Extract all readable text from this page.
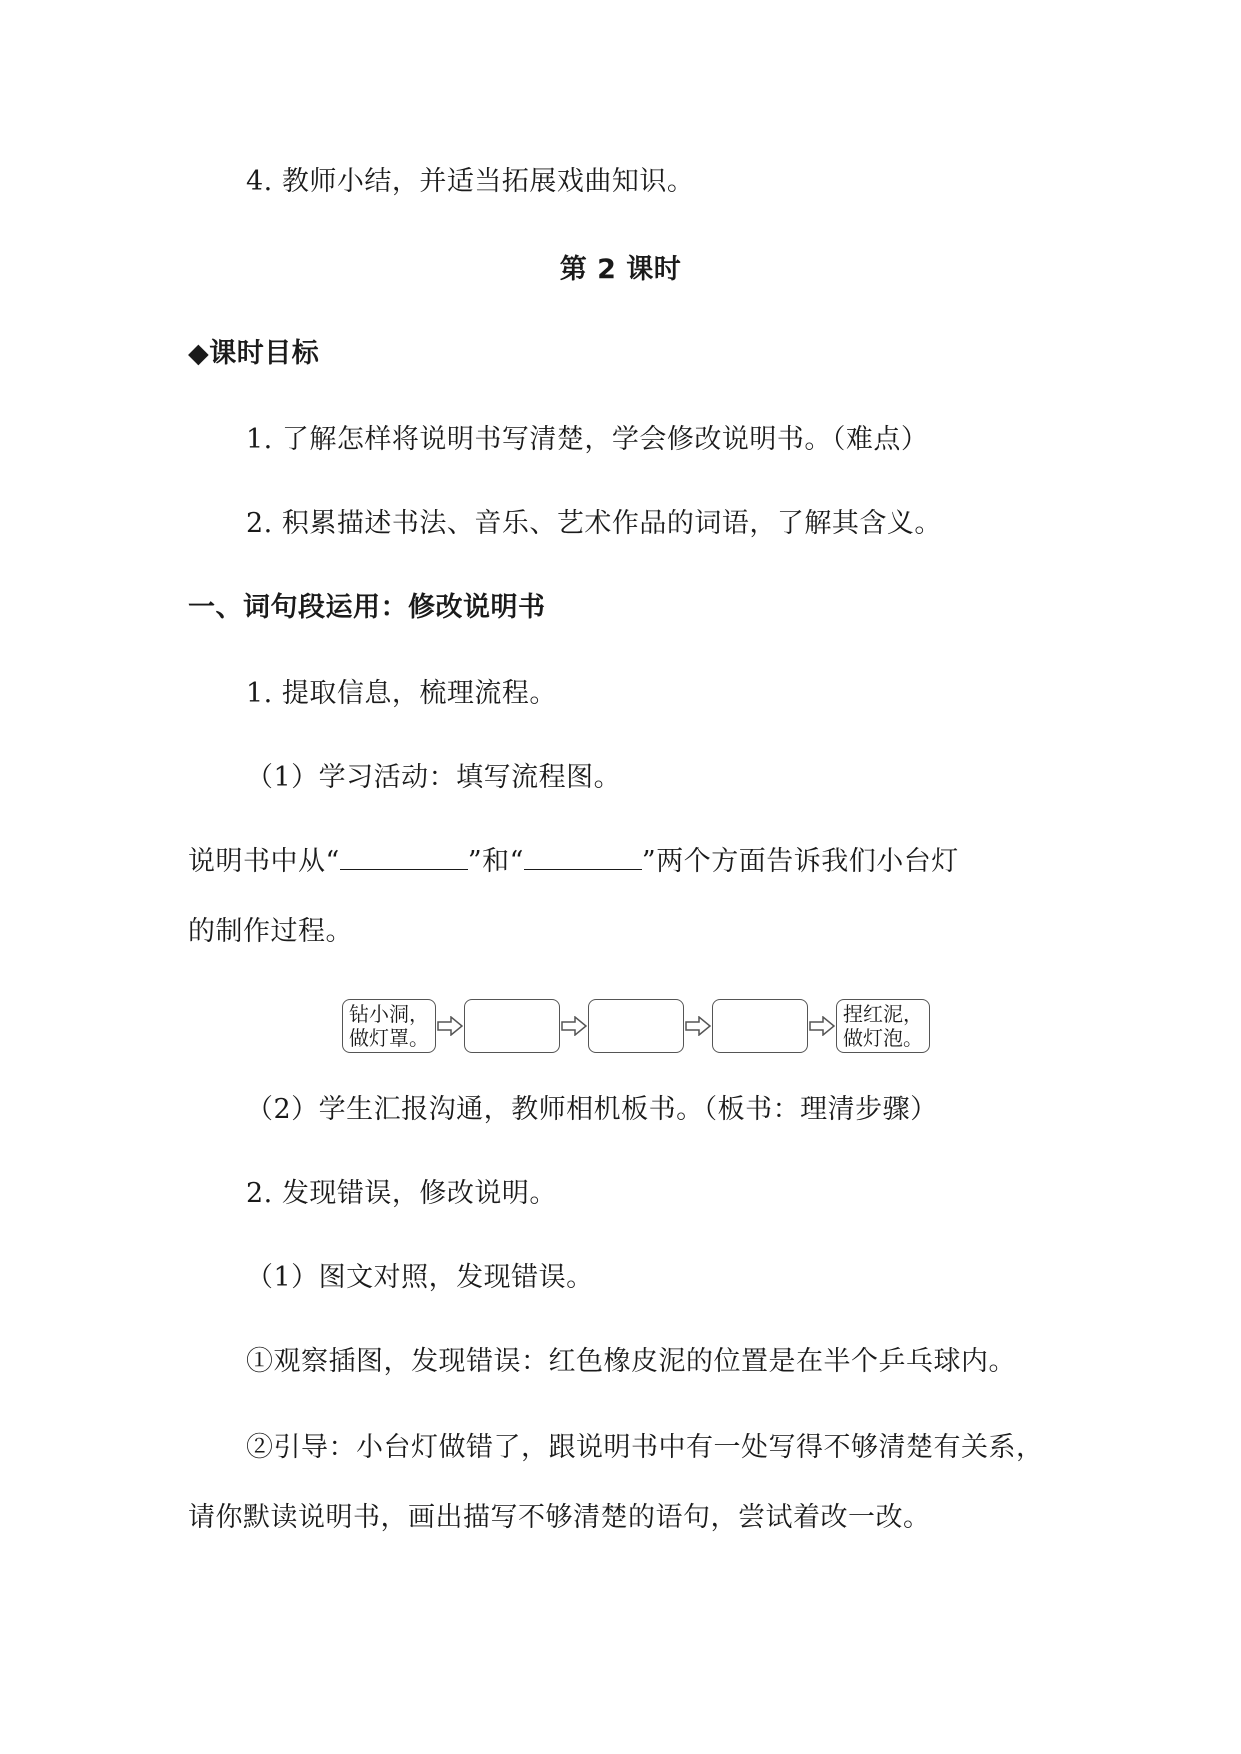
4. 教师小结，并适当拓展戏曲知识。
第 2 课时
◆课时目标
1. 了解怎样将说明书写清楚，学会修改说明书。（难点）
2. 积累描述书法、音乐、艺术作品的词语，了解其含义。
一、词句段运用：修改说明书
1. 提取信息，梳理流程。
（1）学习活动：填写流程图。
说明书中从“	”和“	”两个方面告诉我们小台灯
的制作过程。
钻小洞，
做灯罩。
捏红泥，
做灯泡。
（2）学生汇报沟通，教师相机板书。（板书：理清步骤）
2. 发现错误，修改说明。
（1）图文对照，发现错误。
①观察插图，发现错误：红色橡皮泥的位置是在半个乒乓球内。
②引导：小台灯做错了，跟说明书中有一处写得不够清楚有关系，
请你默读说明书，画出描写不够清楚的语句，尝试着改一改。
